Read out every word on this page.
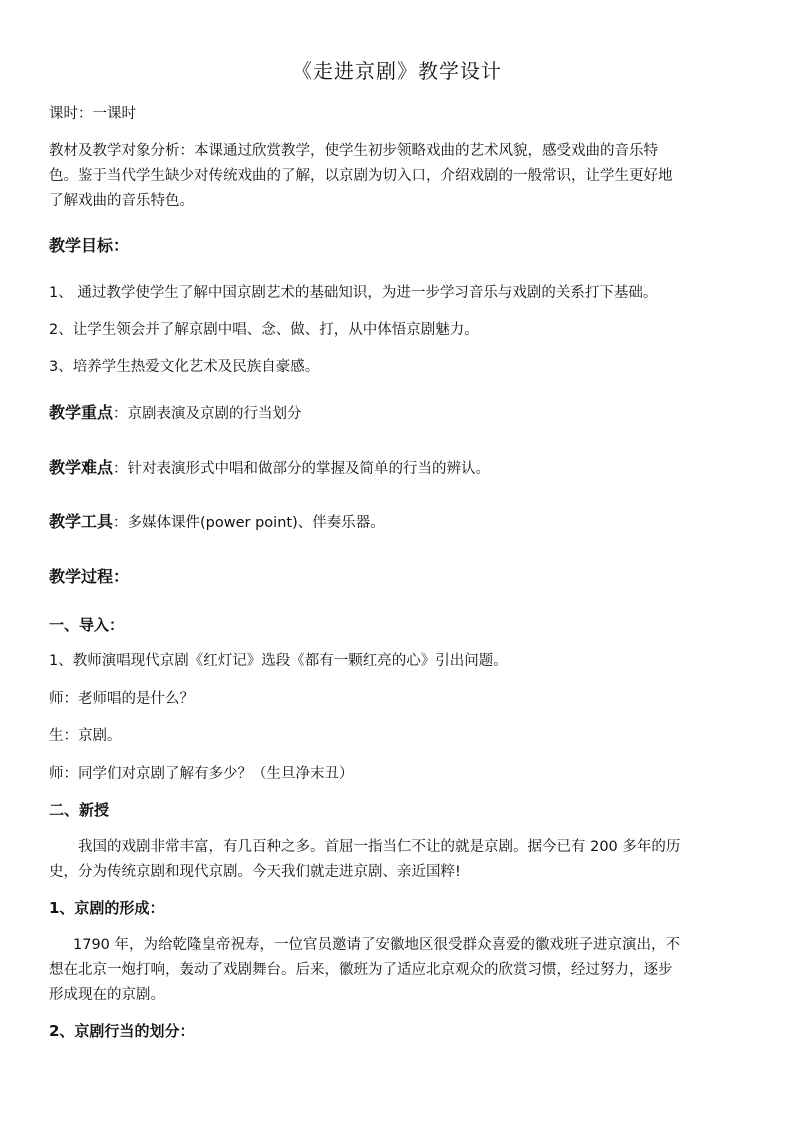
《走进京剧》教学设计
课时：一课时
教材及教学对象分析：本课通过欣赏教学，使学生初步领略戏曲的艺术风貌，感受戏曲的音乐特
色。鉴于当代学生缺少对传统戏曲的了解，以京剧为切入口，介绍戏剧的一般常识，让学生更好地
了解戏曲的音乐特色。
教学目标：
1、 通过教学使学生了解中国京剧艺术的基础知识，为进一步学习音乐与戏剧的关系打下基础。
2、让学生领会并了解京剧中唱、念、做、打，从中体悟京剧魅力。
3、培养学生热爱文化艺术及民族自豪感。
教学重点：京剧表演及京剧的行当划分
教学难点：针对表演形式中唱和做部分的掌握及简单的行当的辨认。
教学工具：多媒体课件(power point)、伴奏乐器。
教学过程：
一、导入：
1、教师演唱现代京剧《红灯记》选段《都有一颗红亮的心》引出问题。
师：老师唱的是什么？
生：京剧。
师：同学们对京剧了解有多少？（生旦净末丑）
二、新授
我国的戏剧非常丰富，有几百种之多。首屈一指当仁不让的就是京剧。据今已有 200 多年的历
史，分为传统京剧和现代京剧。今天我们就走进京剧、亲近国粹!
1、京剧的形成：
1790 年，为给乾隆皇帝祝寿，一位官员邀请了安徽地区很受群众喜爱的徽戏班子进京演出，不
想在北京一炮打响，轰动了戏剧舞台。后来，徽班为了适应北京观众的欣赏习惯，经过努力，逐步
形成现在的京剧。
2、京剧行当的划分：
